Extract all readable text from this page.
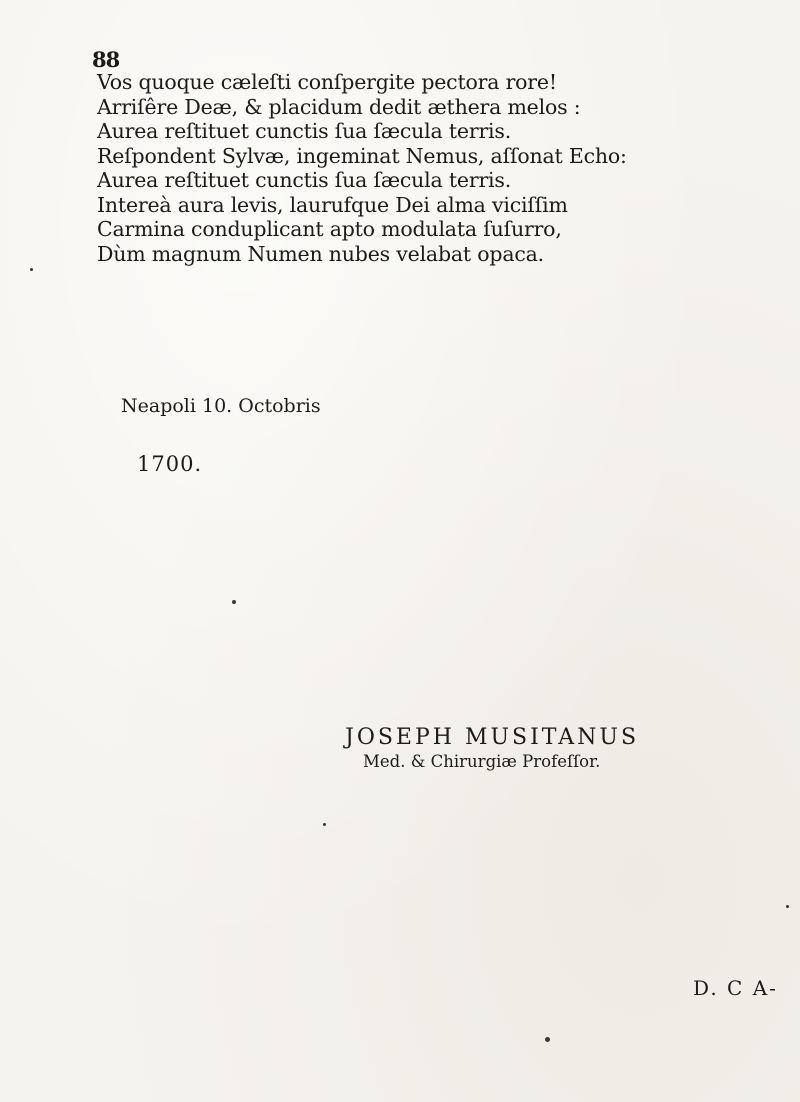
88
Vos quoque cæleſti conſpergite pectora rore!
Arriſêre Deæ, & placidum dedit æthera melos :
Aurea reſtituet cunctis ſua ſæcula terris.
Reſpondent Sylvæ, ingeminat Nemus, aſſonat Echo:
Aurea reſtituet cunctis ſua ſæcula terris.
Intereà aura levis, laurufque Dei alma viciſſim
Carmina conduplicant apto modulata ſuſurro,
Dùm magnum Numen nubes velabat opaca.
Neapoli 10. Octobris
1700.
JOSEPH MUSITANUS
Med. & Chirurgiæ Profeſſor.
D. C A-
